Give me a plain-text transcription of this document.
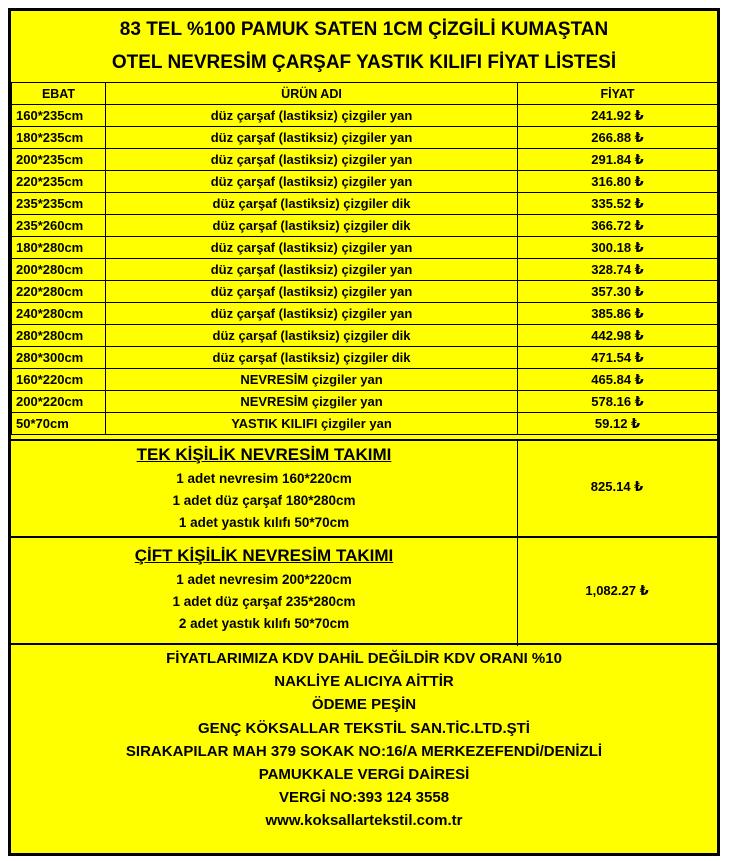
83 TEL %100 PAMUK SATEN 1CM ÇİZGİLİ KUMAŞTAN
OTEL NEVRESİM ÇARŞAF YASTIK KILIFI FİYAT LİSTESİ
EBAT	ÜRÜN ADI	FİYAT
160*235cm	düz çarşaf (lastiksiz) çizgiler yan	241.92 ₺
180*235cm	düz çarşaf (lastiksiz) çizgiler yan	266.88 ₺
200*235cm	düz çarşaf (lastiksiz) çizgiler yan	291.84 ₺
220*235cm	düz çarşaf (lastiksiz) çizgiler yan	316.80 ₺
235*235cm	düz çarşaf (lastiksiz) çizgiler dik	335.52 ₺
235*260cm	düz çarşaf (lastiksiz) çizgiler dik	366.72 ₺
180*280cm	düz çarşaf (lastiksiz) çizgiler yan	300.18 ₺
200*280cm	düz çarşaf (lastiksiz) çizgiler yan	328.74 ₺
220*280cm	düz çarşaf (lastiksiz) çizgiler yan	357.30 ₺
240*280cm	düz çarşaf (lastiksiz) çizgiler yan	385.86 ₺
280*280cm	düz çarşaf (lastiksiz) çizgiler dik	442.98 ₺
280*300cm	düz çarşaf (lastiksiz) çizgiler dik	471.54 ₺
160*220cm	NEVRESİM çizgiler yan	465.84 ₺
200*220cm	NEVRESİM çizgiler yan	578.16 ₺
50*70cm	YASTIK KILIFI çizgiler yan	59.12 ₺
TEK KİŞİLİK NEVRESİM TAKIMI
1 adet nevresim 160*220cm
1 adet düz çarşaf 180*280cm
1 adet yastık kılıfı 50*70cm
825.14 ₺
ÇİFT KİŞİLİK NEVRESİM TAKIMI
1 adet nevresim 200*220cm
1 adet düz çarşaf 235*280cm
2 adet yastık kılıfı 50*70cm
1,082.27 ₺
FİYATLARIMIZA KDV DAHİL DEĞİLDİR KDV ORANI %10
NAKLİYE ALICIYA AİTTİR
ÖDEME PEŞİN
GENÇ KÖKSALLAR TEKSTİL SAN.TİC.LTD.ŞTİ
SIRAKAPILAR MAH 379 SOKAK NO:16/A MERKEZEFENDİ/DENİZLİ
PAMUKKALE VERGİ DAİRESİ
VERGİ NO:393 124 3558
www.koksallartekstil.com.tr
